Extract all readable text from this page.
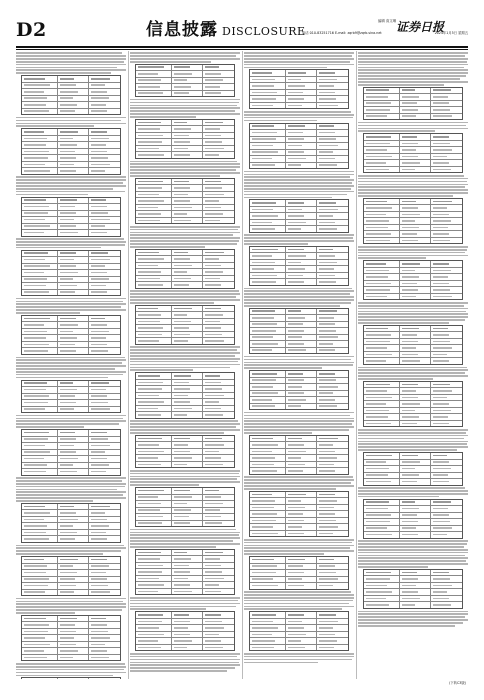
D2	信息披露 DISCLOSURE
编辑 高文琳 证券日报
电话 010-83251716 E-mail: zqrb9@zqrb.sina.net	2024年1月5日 星期五
(下转C3版)
